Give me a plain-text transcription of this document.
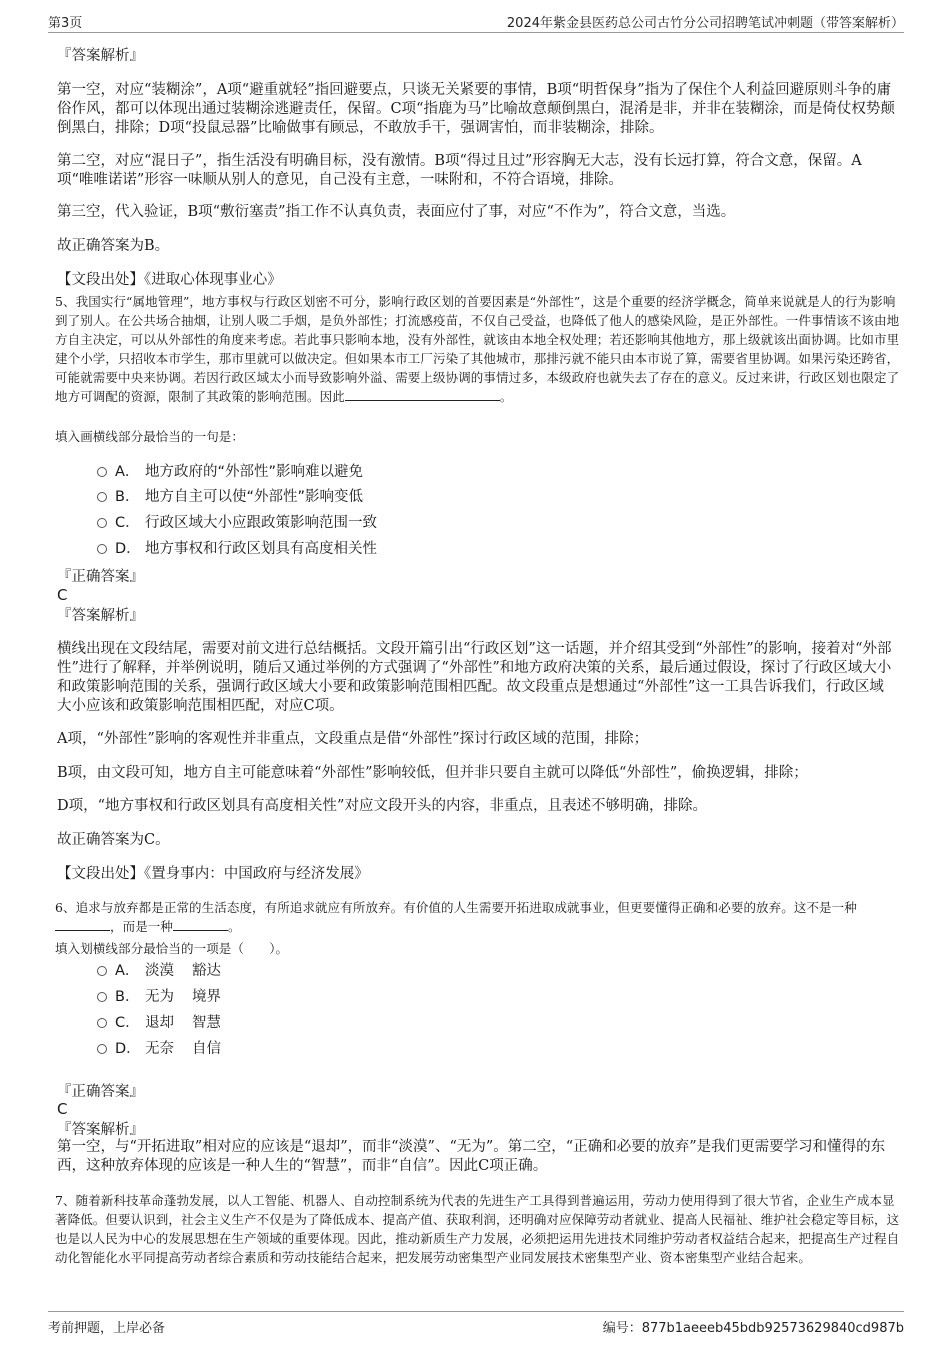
第3页	2024年紫金县医药总公司古竹分公司招聘笔试冲刺题（带答案解析）

『答案解析』

第一空，对应“装糊涂”，A项“避重就轻”指回避要点，只谈无关紧要的事情，B项“明哲保身”指为了保住个人利益回避原则斗争的庸俗作风，都可以体现出通过装糊涂逃避责任，保留。C项“指鹿为马”比喻故意颠倒黑白，混淆是非，并非在装糊涂，而是倚仗权势颠倒黑白，排除；D项“投鼠忌器”比喻做事有顾忌，不敢放手干，强调害怕，而非装糊涂，排除。

第二空，对应“混日子”，指生活没有明确目标，没有激情。B项“得过且过”形容胸无大志，没有长远打算，符合文意，保留。A项“唯唯诺诺”形容一味顺从别人的意见，自己没有主意，一味附和，不符合语境，排除。

第三空，代入验证，B项“敷衍塞责”指工作不认真负责，表面应付了事，对应“不作为”，符合文意，当选。

故正确答案为B。

【文段出处】《进取心体现事业心》

5、我国实行“属地管理”，地方事权与行政区划密不可分，影响行政区划的首要因素是“外部性”，这是个重要的经济学概念，简单来说就是人的行为影响到了别人。在公共场合抽烟，让别人吸二手烟，是负外部性；打流感疫苗，不仅自己受益，也降低了他人的感染风险，是正外部性。一件事情该不该由地方自主决定，可以从外部性的角度来考虑。若此事只影响本地，没有外部性，就该由本地全权处理；若还影响其他地方，那上级就该出面协调。比如市里建个小学，只招收本市学生，那市里就可以做决定。但如果本市工厂污染了其他城市，那排污就不能只由本市说了算，需要省里协调。如果污染还跨省，可能就需要中央来协调。若因行政区域太小而导致影响外溢、需要上级协调的事情过多，本级政府也就失去了存在的意义。反过来讲，行政区划也限定了地方可调配的资源，限制了其政策的影响范围。因此	。

填入画横线部分最恰当的一句是：

A． 地方政府的“外部性”影响难以避免
B． 地方自主可以使“外部性”影响变低
C． 行政区域大小应跟政策影响范围一致
D． 地方事权和行政区划具有高度相关性

『正确答案』

C

『答案解析』

横线出现在文段结尾，需要对前文进行总结概括。文段开篇引出“行政区划”这一话题，并介绍其受到“外部性”的影响，接着对“外部性”进行了解释，并举例说明，随后又通过举例的方式强调了“外部性”和地方政府决策的关系，最后通过假设，探讨了行政区域大小和政策影响范围的关系，强调行政区域大小要和政策影响范围相匹配。故文段重点是想通过“外部性”这一工具告诉我们，行政区域大小应该和政策影响范围相匹配，对应C项。

A项，“外部性”影响的客观性并非重点，文段重点是借“外部性”探讨行政区域的范围，排除；

B项，由文段可知，地方自主可能意味着“外部性”影响较低，但并非只要自主就可以降低“外部性”，偷换逻辑，排除；

D项，“地方事权和行政区划具有高度相关性”对应文段开头的内容，非重点，且表述不够明确，排除。

故正确答案为C。

【文段出处】《置身事内：中国政府与经济发展》

6、追求与放弃都是正常的生活态度，有所追求就应有所放弃。有价值的人生需要开拓进取成就事业，但更要懂得正确和必要的放弃。这不是一种，而是一种	。

填入划横线部分最恰当的一项是（　　）。

A． 淡漠 豁达
B． 无为 境界
C． 退却 智慧
D． 无奈 自信

『正确答案』

C

『答案解析』

第一空，与“开拓进取”相对应的应该是“退却”，而非“淡漠”、“无为”。第二空，“正确和必要的放弃”是我们更需要学习和懂得的东西，这种放弃体现的应该是一种人生的“智慧”，而非“自信”。因此C项正确。

7、随着新科技革命蓬勃发展，以人工智能、机器人、自动控制系统为代表的先进生产工具得到普遍运用，劳动力使用得到了很大节省，企业生产成本显著降低。但要认识到，社会主义生产不仅是为了降低成本、提高产值、获取利润，还明确对应保障劳动者就业、提高人民福祉、维护社会稳定等目标，这也是以人民为中心的发展思想在生产领域的重要体现。因此，推动新质生产力发展，必须把运用先进技术同维护劳动者权益结合起来，把提高生产过程自动化智能化水平同提高劳动者综合素质和劳动技能结合起来，把发展劳动密集型产业同发展技术密集型产业、资本密集型产业结合起来。

考前押题，上岸必备	编号：877b1aeeeb45bdb92573629840cd987b
